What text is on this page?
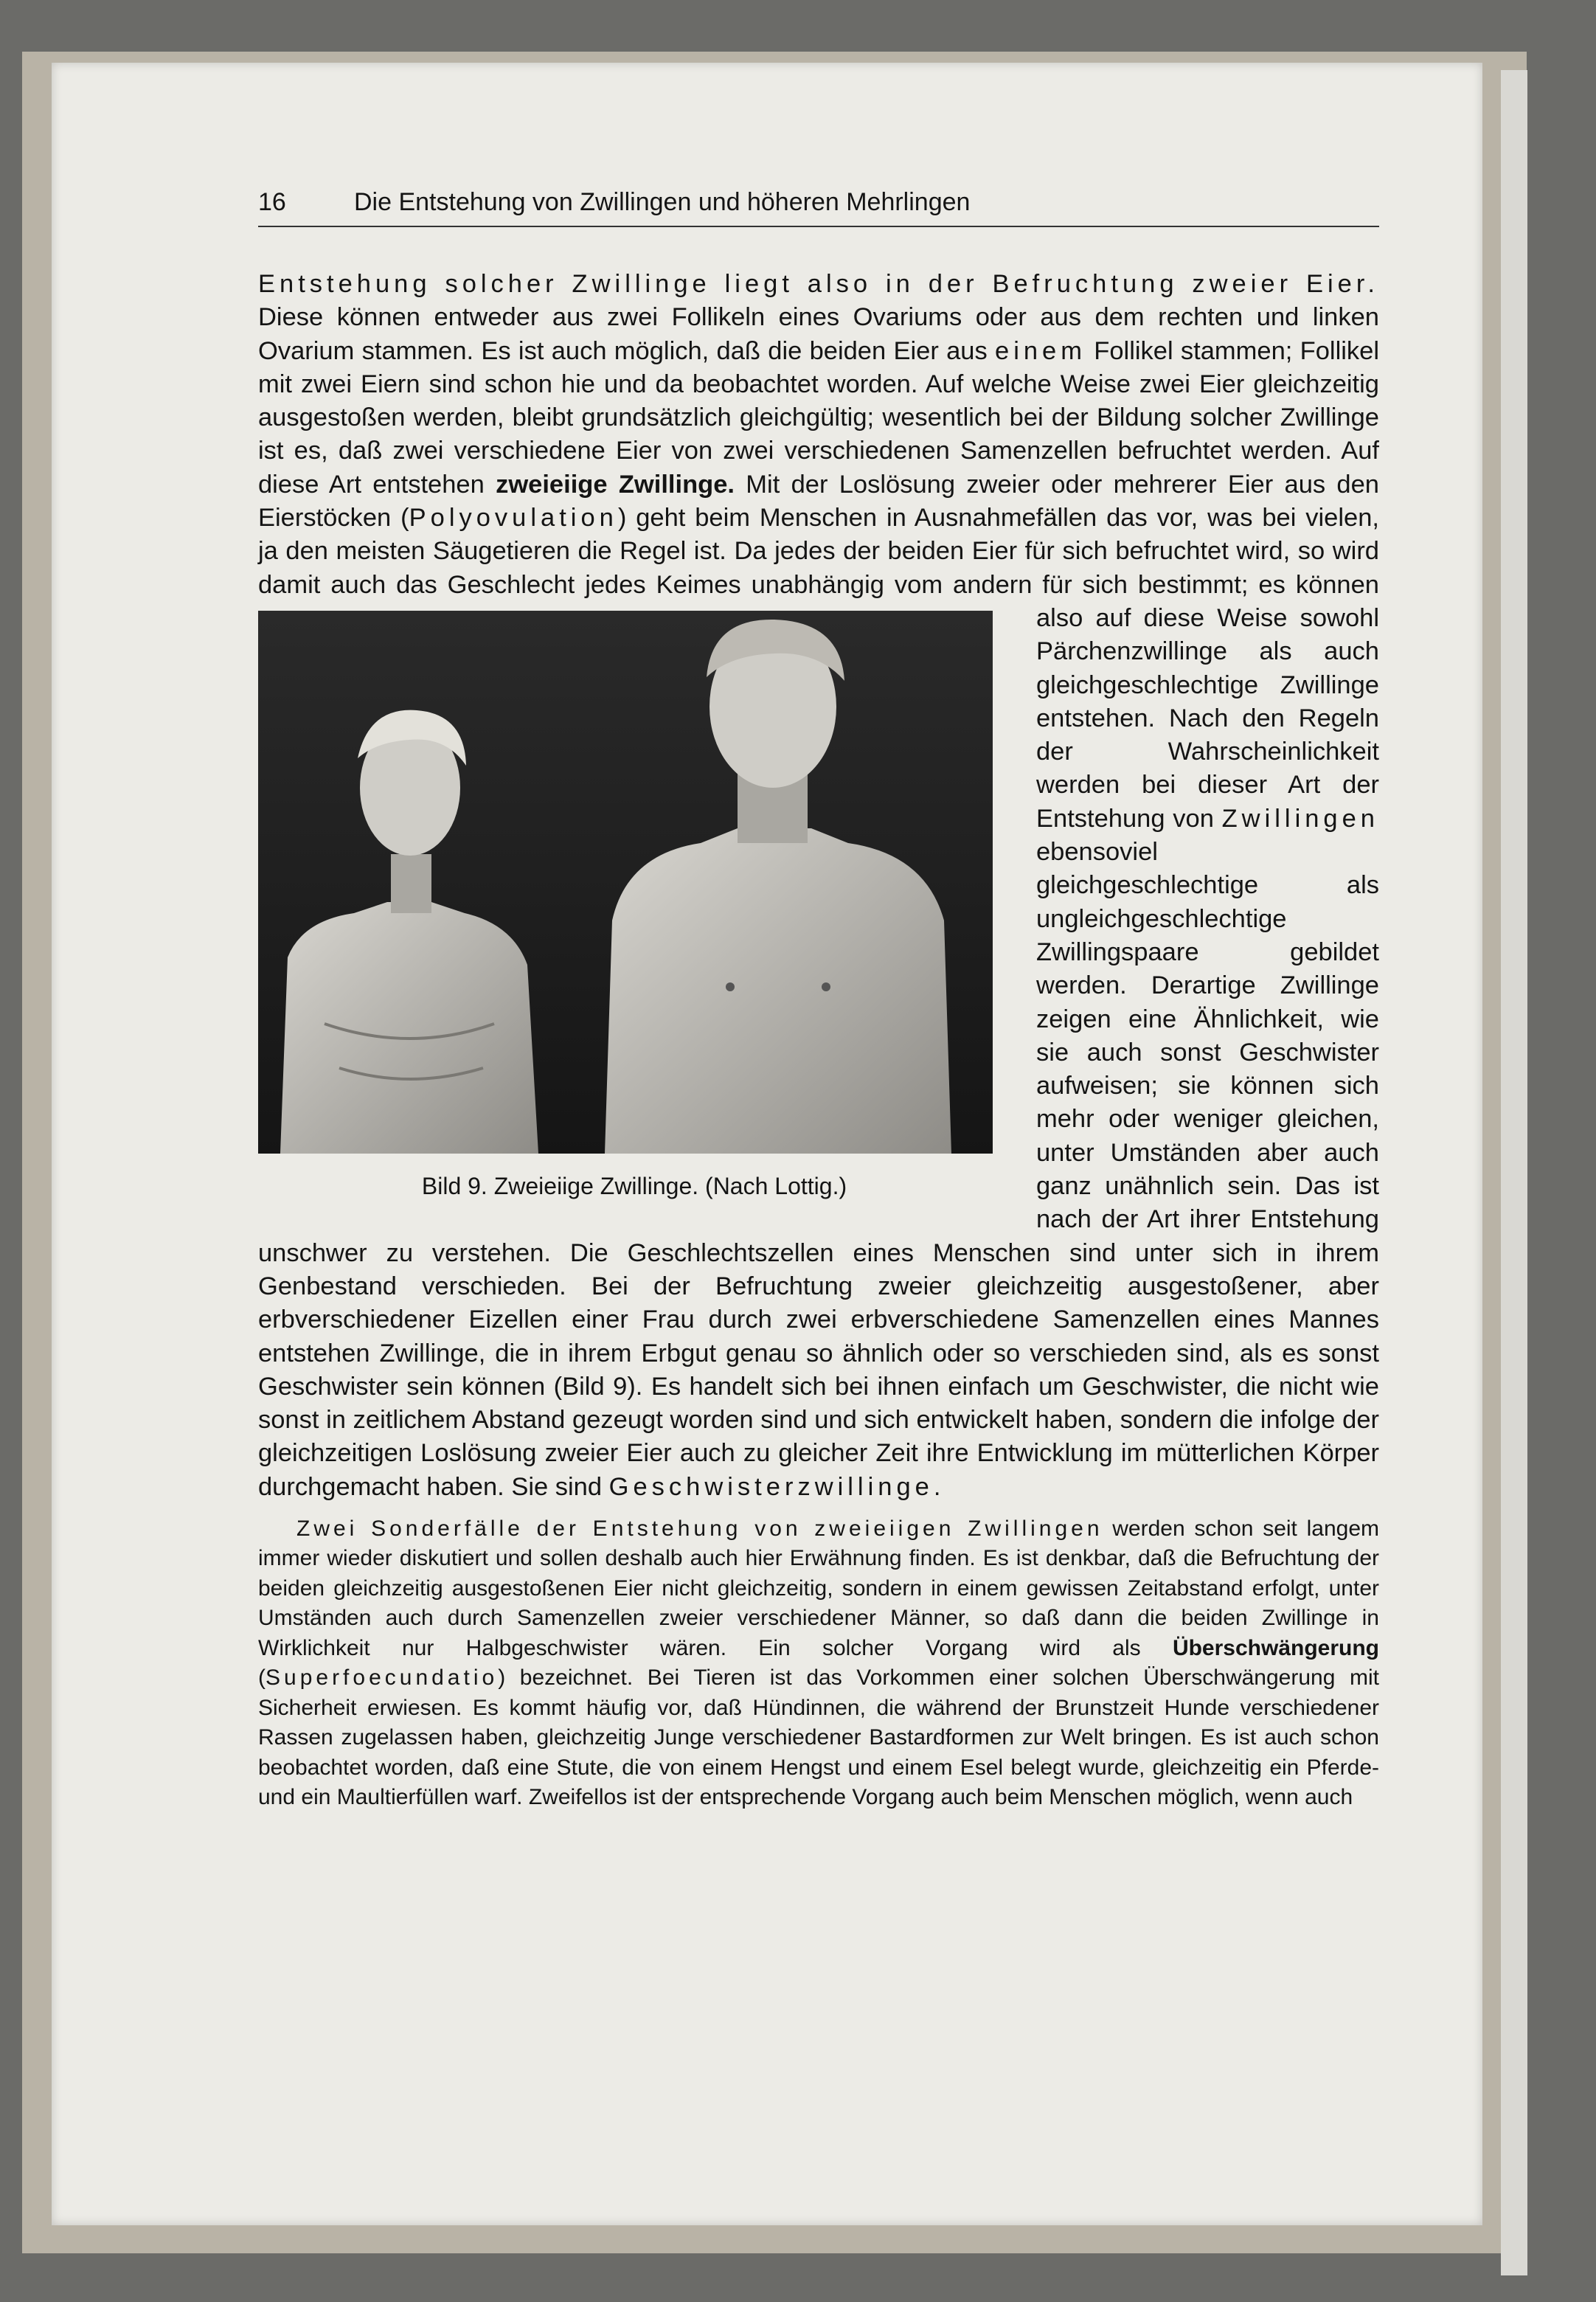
16	Die Entstehung von Zwillingen und höheren Mehrlingen

Entstehung solcher Zwillinge liegt also in der Befruchtung zweier Eier. Diese können entweder aus zwei Follikeln eines Ovariums oder aus dem rechten und linken Ovarium stammen. Es ist auch möglich, daß die beiden Eier aus einem Follikel stammen; Follikel mit zwei Eiern sind schon hie und da beobachtet worden. Auf welche Weise zwei Eier gleichzeitig ausgestoßen werden, bleibt grundsätzlich gleichgültig; wesentlich bei der Bildung solcher Zwillinge ist es, daß zwei verschiedene Eier von zwei verschiedenen Samenzellen befruchtet werden. Auf diese Art entstehen zweieiige Zwillinge. Mit der Loslösung zweier oder mehrerer Eier aus den Eierstöcken (Polyovulation) geht beim Menschen in Ausnahmefällen das vor, was bei vielen, ja den meisten Säugetieren die Regel ist. Da jedes der beiden Eier für sich befruchtet wird, so wird damit auch das Geschlecht jedes Keimes unabhängig vom andern für sich bestimmt; es können also
Bild 9. Zweieiige Zwillinge. (Nach Lottig.)
auf diese Weise sowohl Pärchenzwillinge als auch gleichgeschlechtige Zwillinge entstehen. Nach den Regeln der Wahrscheinlichkeit werden bei dieser Art der Entstehung von Zwillingen ebensoviel gleichgeschlechtige als ungleichgeschlechtige Zwillingspaare gebildet werden. Derartige Zwillinge zeigen eine Ähnlichkeit, wie sie auch sonst Geschwister aufweisen; sie können sich mehr oder weniger gleichen, unter Umständen aber auch ganz unähnlich sein. Das ist nach der Art ihrer Entstehung unschwer zu verstehen. Die Geschlechtszellen eines Menschen sind unter sich in ihrem Genbestand verschieden. Bei der Befruchtung zweier gleichzeitig ausgestoßener, aber erbverschiedener Eizellen einer Frau durch zwei erbverschiedene Samenzellen eines Mannes entstehen Zwillinge, die in ihrem Erbgut genau so ähnlich oder so verschieden sind, als es sonst Geschwister sein können (Bild 9). Es handelt sich bei ihnen einfach um Geschwister, die nicht wie sonst in zeitlichem Abstand gezeugt worden sind und sich entwickelt haben, sondern die infolge der gleichzeitigen Loslösung zweier Eier auch zu gleicher Zeit ihre Entwicklung im mütterlichen Körper durchgemacht haben. Sie sind Geschwisterzwillinge.

Zwei Sonderfälle der Entstehung von zweieiigen Zwillingen werden schon seit langem immer wieder diskutiert und sollen deshalb auch hier Erwähnung finden. Es ist denkbar, daß die Befruchtung der beiden gleichzeitig ausgestoßenen Eier nicht gleichzeitig, sondern in einem gewissen Zeitabstand erfolgt, unter Umständen auch durch Samenzellen zweier verschiedener Männer, so daß dann die beiden Zwillinge in Wirklichkeit nur Halbgeschwister wären. Ein solcher Vorgang wird als Überschwängerung (Superfoecundatio) bezeichnet. Bei Tieren ist das Vorkommen einer solchen Überschwängerung mit Sicherheit erwiesen. Es kommt häufig vor, daß Hündinnen, die während der Brunstzeit Hunde verschiedener Rassen zugelassen haben, gleichzeitig Junge verschiedener Bastardformen zur Welt bringen. Es ist auch schon beobachtet worden, daß eine Stute, die von einem Hengst und einem Esel belegt wurde, gleichzeitig ein Pferde- und ein Maultierfüllen warf. Zweifellos ist der entsprechende Vorgang auch beim Menschen möglich, wenn auch
